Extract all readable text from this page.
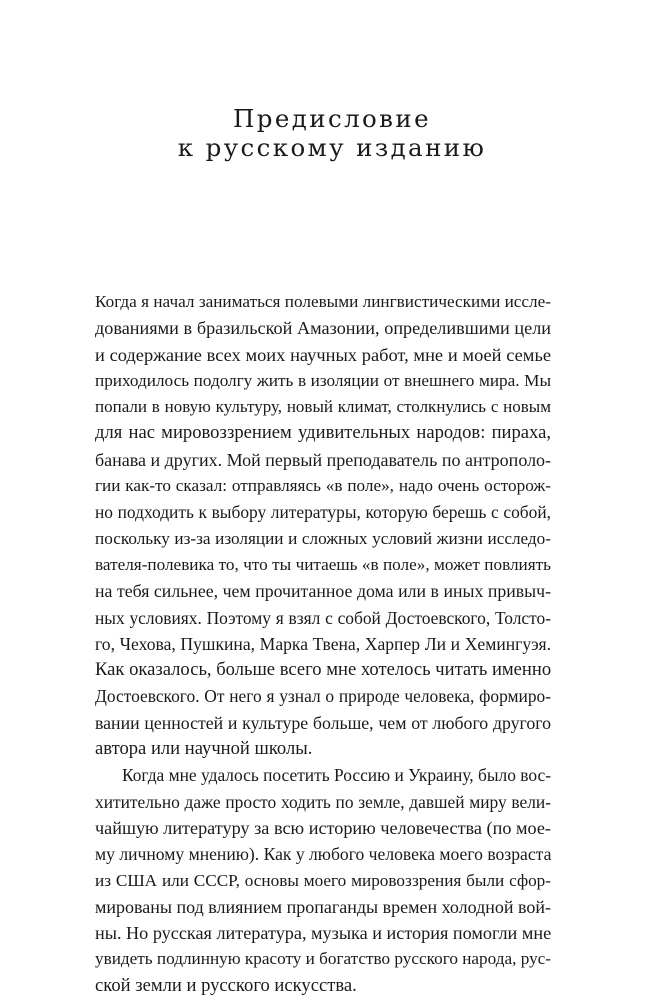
Предисловие
к русскому изданию
Когда я начал заниматься полевыми лингвистическими иссле-
дованиями в бразильской Амазонии, определившими цели
и содержание всех моих научных работ, мне и моей семье
приходилось подолгу жить в изоляции от внешнего мира. Мы
попали в новую культуру, новый климат, столкнулись с новым
для нас мировоззрением удивительных народов: пираха,
банава и других. Мой первый преподаватель по антрополо-
гии как-то сказал: отправляясь «в поле», надо очень осторож-
но подходить к выбору литературы, которую берешь с собой,
поскольку из-за изоляции и сложных условий жизни исследо-
вателя-полевика то, что ты читаешь «в поле», может повлиять
на тебя сильнее, чем прочитанное дома или в иных привыч-
ных условиях. Поэтому я взял с собой Достоевского, Толсто-
го, Чехова, Пушкина, Марка Твена, Харпер Ли и Хемингуэя.
Как оказалось, больше всего мне хотелось читать именно
Достоевского. От него я узнал о природе человека, формиро-
вании ценностей и культуре больше, чем от любого другого
автора или научной школы.
Когда мне удалось посетить Россию и Украину, было вос-
хитительно даже просто ходить по земле, давшей миру вели-
чайшую литературу за всю историю человечества (по мое-
му личному мнению). Как у любого человека моего возраста
из США или СССР, основы моего мировоззрения были сфор-
мированы под влиянием пропаганды времен холодной вой-
ны. Но русская литература, музыка и история помогли мне
увидеть подлинную красоту и богатство русского народа, рус-
ской земли и русского искусства.
